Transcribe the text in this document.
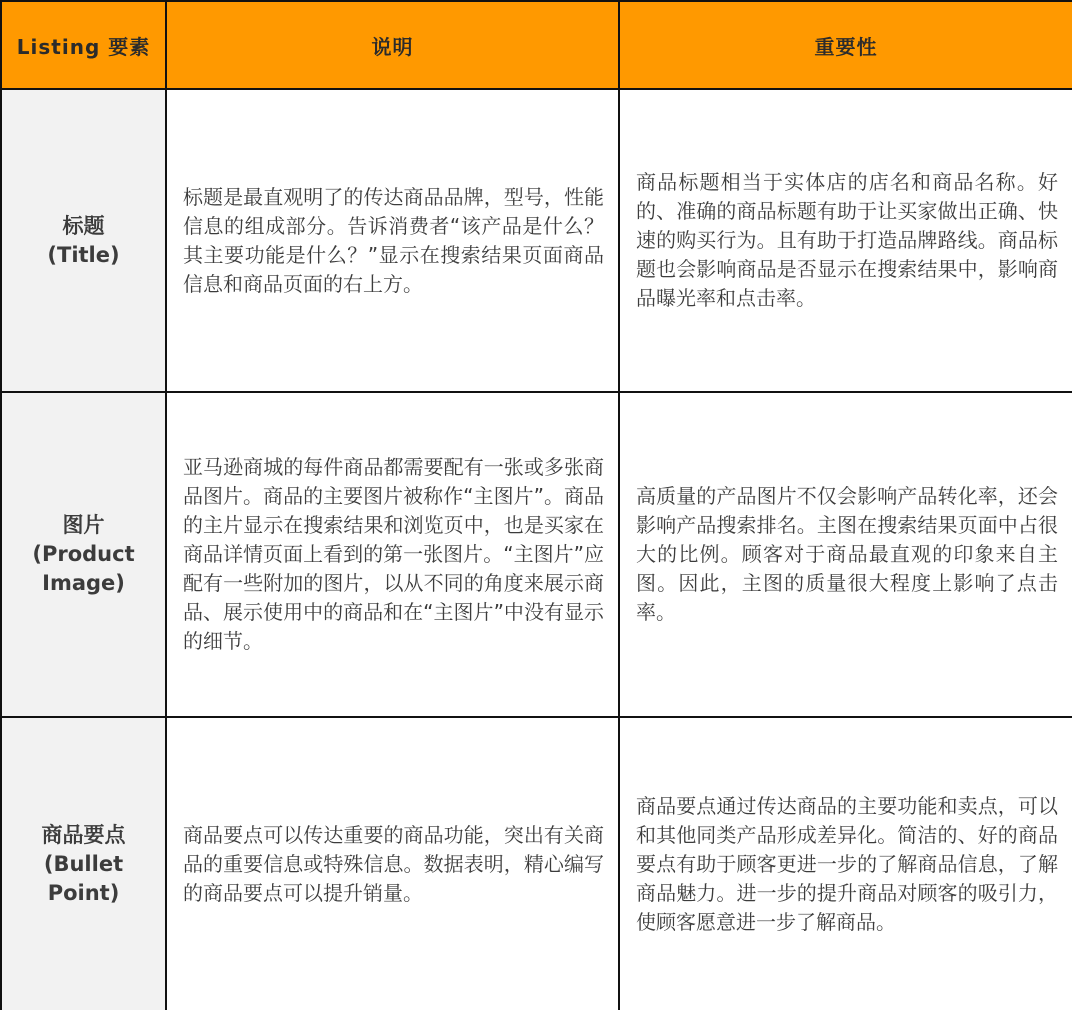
Listing 要素	说明	重要性

标题
(Title)	标题是最直观明了的传达商品品牌，型号，性能信息的组成部分。告诉消费者“该产品是什么？其主要功能是什么？”显示在搜索结果页面商品信息和商品页面的右上方。	商品标题相当于实体店的店名和商品名称。好的、准确的商品标题有助于让买家做出正确、快速的购买行为。且有助于打造品牌路线。商品标题也会影响商品是否显示在搜索结果中，影响商品曝光率和点击率。

图片
(Product Image)	亚马逊商城的每件商品都需要配有一张或多张商品图片。商品的主要图片被称作“主图片”。商品的主片显示在搜索结果和浏览页中，也是买家在商品详情页面上看到的第一张图片。“主图片”应配有一些附加的图片，以从不同的角度来展示商品、展示使用中的商品和在“主图片”中没有显示的细节。	高质量的产品图片不仅会影响产品转化率，还会影响产品搜索排名。主图在搜索结果页面中占很大的比例。顾客对于商品最直观的印象来自主图。因此，主图的质量很大程度上影响了点击率。

商品要点
(Bullet Point)	商品要点可以传达重要的商品功能，突出有关商品的重要信息或特殊信息。数据表明，精心编写的商品要点可以提升销量。	商品要点通过传达商品的主要功能和卖点，可以和其他同类产品形成差异化。简洁的、好的商品要点有助于顾客更进一步的了解商品信息，了解商品魅力。进一步的提升商品对顾客的吸引力，使顾客愿意进一步了解商品。
